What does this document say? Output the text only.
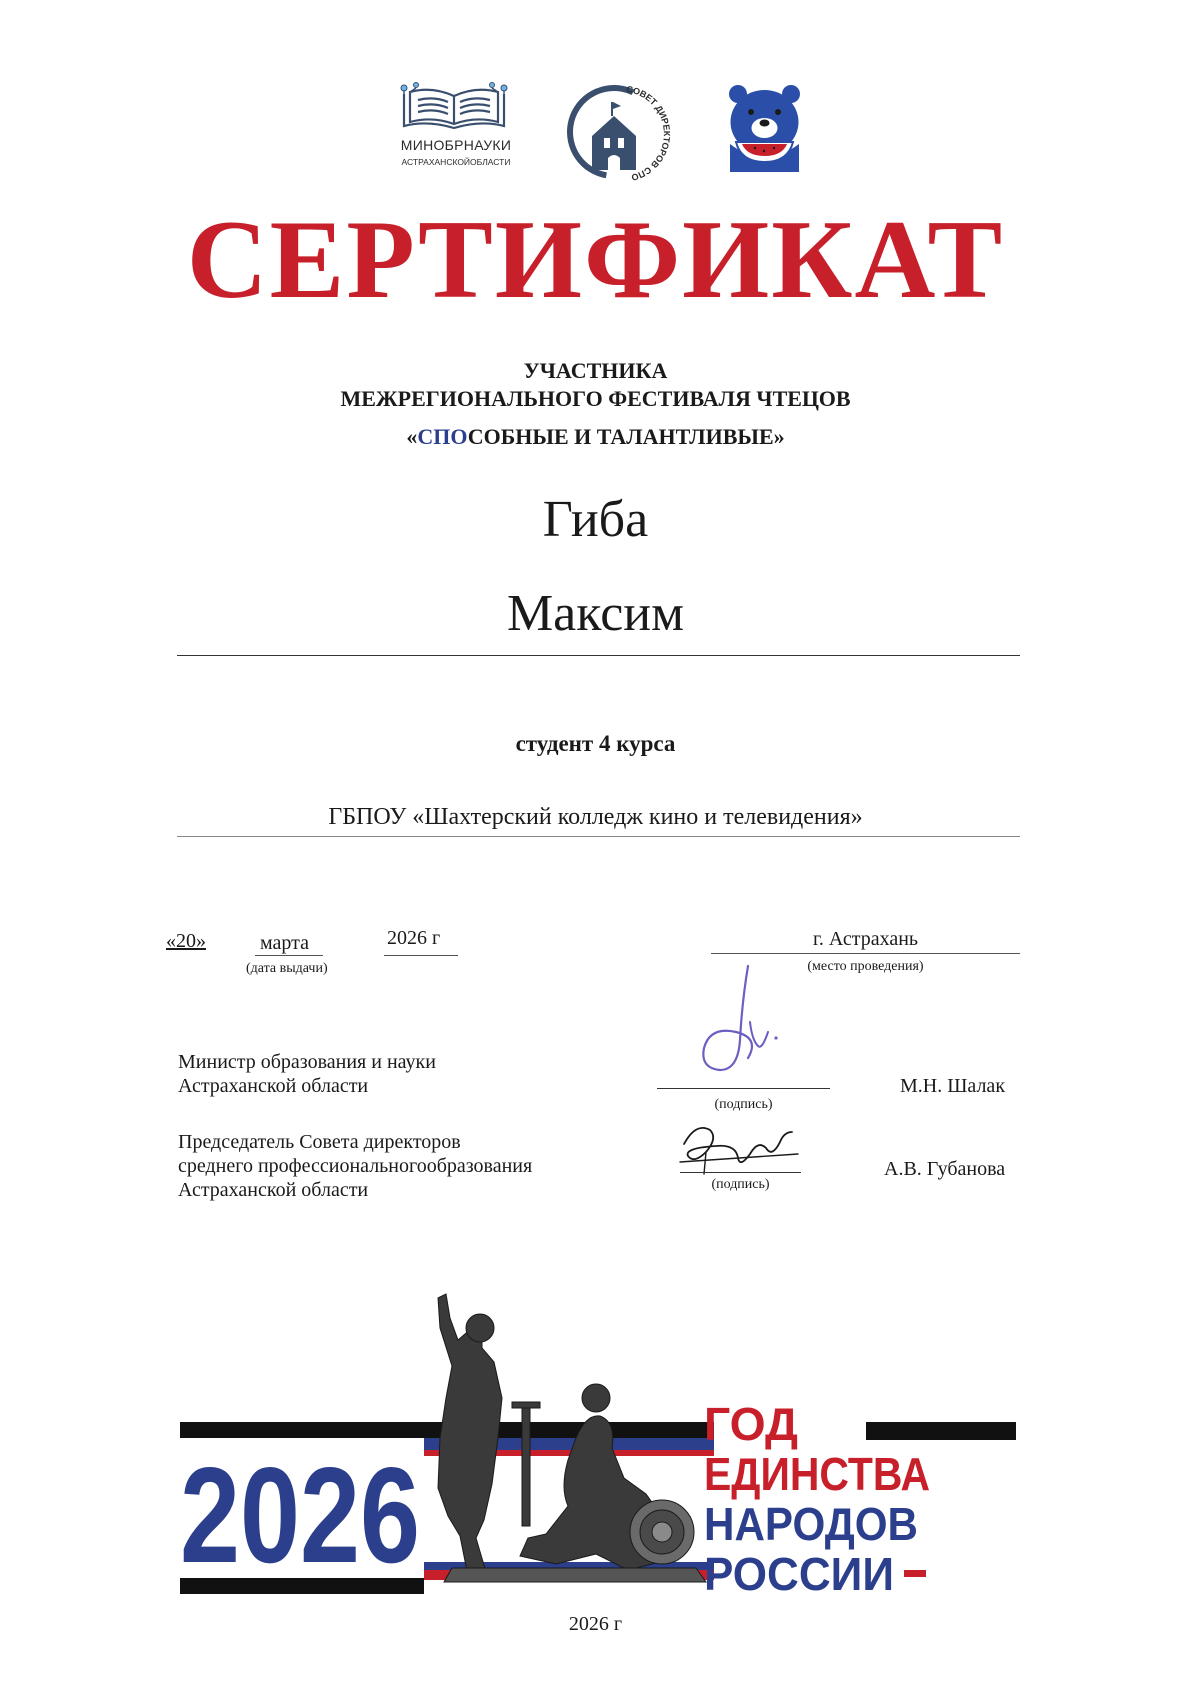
МИНОБРНАУКИ
АСТРАХАНСКОЙОБЛАСТИ
СОВЕТ ДИРЕКТОРОВ СПО
СЕРТИФИКАТ
УЧАСТНИКА
МЕЖРЕГИОНАЛЬНОГО ФЕСТИВАЛЯ ЧТЕЦОВ
«СПОСОБНЫЕ И ТАЛАНТЛИВЫЕ»
Гиба
Максим
студент 4 курса
ГБПОУ «Шахтерский колледж кино и телевидения»
«20»	марта	2026 г
(дата выдачи)
г. Астрахань
(место проведения)
Министр образования и науки
Астраханской области
(подпись)
М.Н. Шалак
Председатель Совета директоров
среднего профессиональногообразования
Астраханской области	(подпись)
А.В. Губанова
2026
ГОД
ЕДИНСТВА
НАРОДОВ
РОССИИ
2026 г
